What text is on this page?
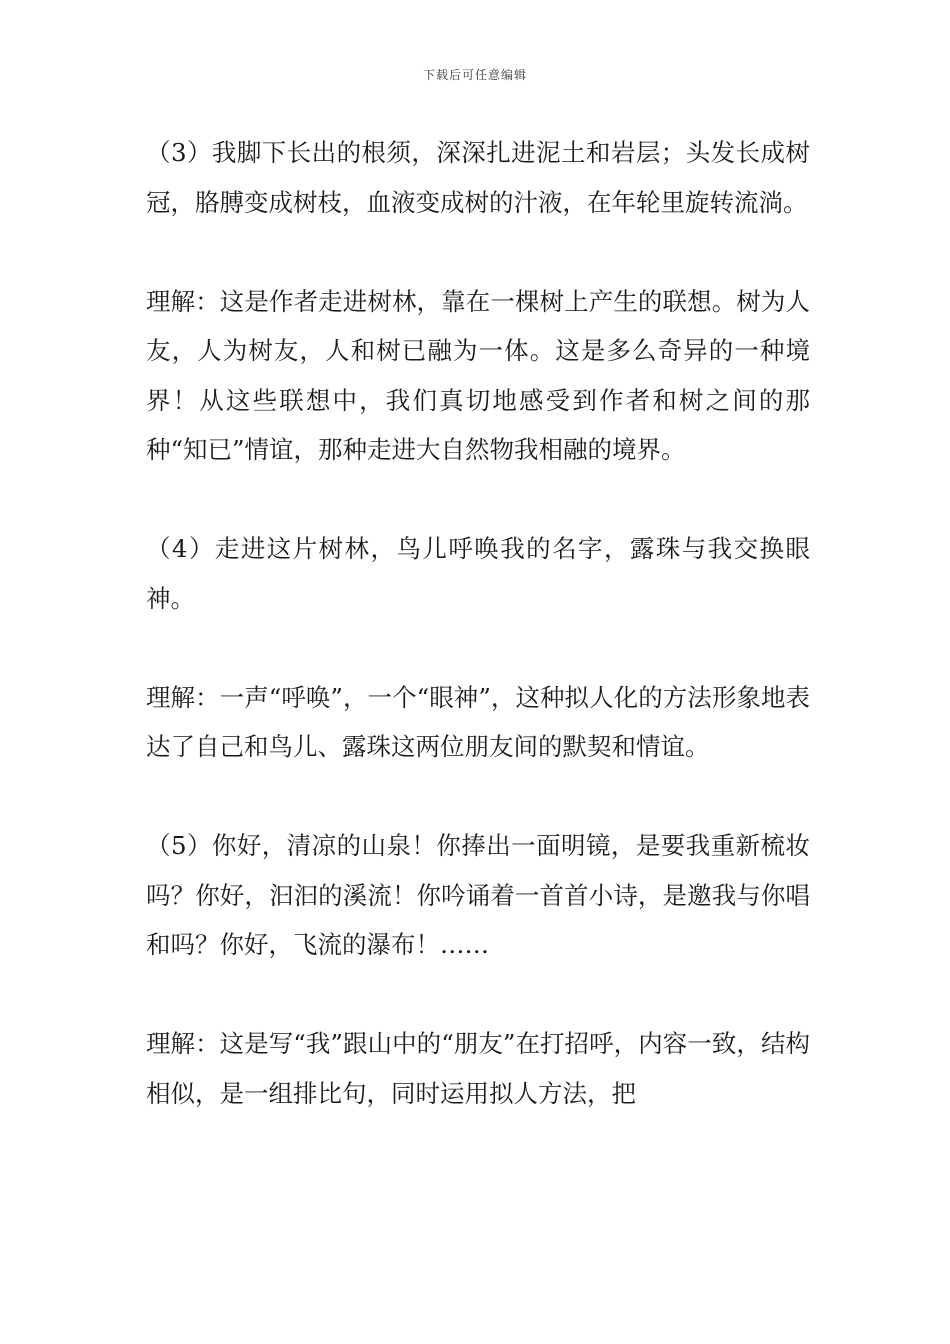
下载后可任意编辑

（3）我脚下长出的根须，深深扎进泥土和岩层；头发长成树冠，胳膊变成树枝，血液变成树的汁液，在年轮里旋转流淌。

理解：这是作者走进树林，靠在一棵树上产生的联想。树为人友，人为树友，人和树已融为一体。这是多么奇异的一种境界！从这些联想中，我们真切地感受到作者和树之间的那种“知已”情谊，那种走进大自然物我相融的境界。

（4）走进这片树林，鸟儿呼唤我的名字，露珠与我交换眼神。

理解：一声“呼唤”，一个“眼神”，这种拟人化的方法形象地表达了自己和鸟儿、露珠这两位朋友间的默契和情谊。

（5）你好，清凉的山泉！你捧出一面明镜，是要我重新梳妆吗？你好，汩汩的溪流！你吟诵着一首首小诗，是邀我与你唱和吗？你好，飞流的瀑布！……

理解：这是写“我”跟山中的“朋友”在打招呼，内容一致，结构相似，是一组排比句，同时运用拟人方法，把
